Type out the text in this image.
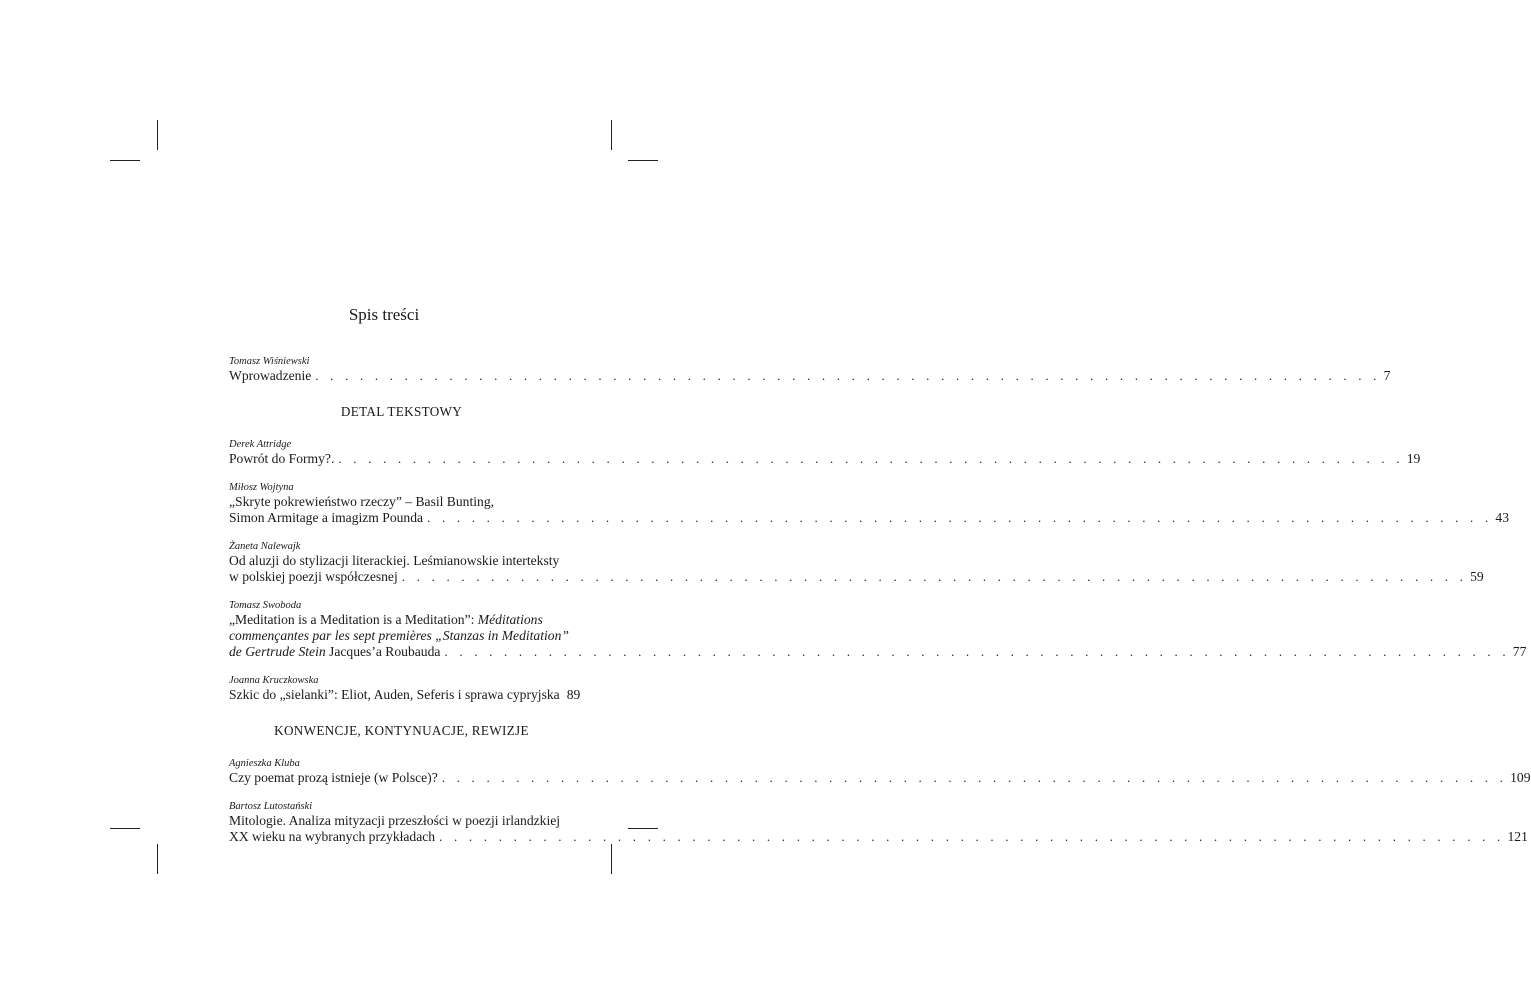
Spis treści

Tomasz Wiśniewski

Wprowadzenie . . . . . . . . . . . . . . . . . . . . . . . . . . . . . . . . . . . . . . . . . . . . . . . . . . . . . . . . . . . . . . . . . . . . . . . . 7
DETAL TEKSTOWY

Derek Attridge

Powrót do Formy?. . . . . . . . . . . . . . . . . . . . . . . . . . . . . . . . . . . . . . . . . . . . . . . . . . . . . . . . . . . . . . . . . . . . . . . . . 19

Miłosz Wojtyna

„Skryte pokrewieństwo rzeczy” – Basil Bunting,

Simon Armitage a imagizm Pounda . . . . . . . . . . . . . . . . . . . . . . . . . . . . . . . . . . . . . . . . . . . . . . . . . . . . . . . . . . . . . . . . . . . . . . . . 43

Żaneta Nalewajk

Od aluzji do stylizacji literackiej. Leśmianowskie interteksty

w polskiej poezji współczesnej . . . . . . . . . . . . . . . . . . . . . . . . . . . . . . . . . . . . . . . . . . . . . . . . . . . . . . . . . . . . . . . . . . . . . . . . 59

Tomasz Swoboda

„Meditation is a Meditation is a Meditation”: Méditations

commençantes par les sept premières „Stanzas in Meditation”

de Gertrude Stein Jacques’a Roubauda . . . . . . . . . . . . . . . . . . . . . . . . . . . . . . . . . . . . . . . . . . . . . . . . . . . . . . . . . . . . . . . . . . . . . . . . 77

Joanna Kruczkowska

Szkic do „sielanki”: Eliot, Auden, Seferis i sprawa cypryjska 89
KONWENCJE, KONTYNUACJE, REWIZJE

Agnieszka Kluba

Czy poemat prozą istnieje (w Polsce)? . . . . . . . . . . . . . . . . . . . . . . . . . . . . . . . . . . . . . . . . . . . . . . . . . . . . . . . . . . . . . . . . . . . . . . . . 109

Bartosz Lutostański

Mitologie. Analiza mityzacji przeszłości w poezji irlandzkiej

XX wieku na wybranych przykładach . . . . . . . . . . . . . . . . . . . . . . . . . . . . . . . . . . . . . . . . . . . . . . . . . . . . . . . . . . . . . . . . . . . . . . . . 121
